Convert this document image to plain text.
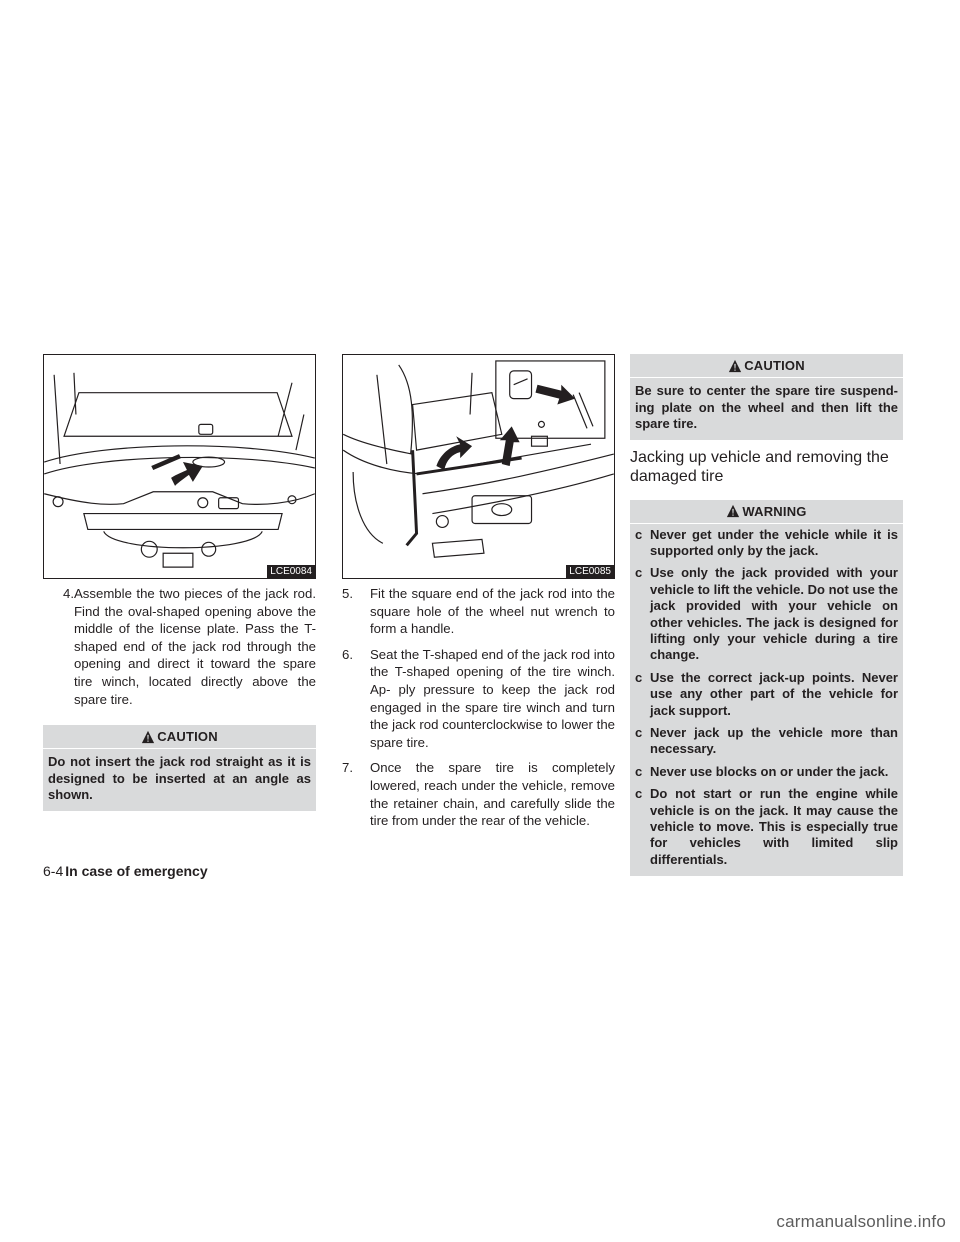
LCE0084

4. Assemble the two pieces of the jack rod. Find the oval-shaped opening above the middle of the license plate. Pass the T-shaped end of the jack rod through the opening and direct it toward the spare tire winch, located directly above the spare tire.

CAUTION
Do not insert the jack rod straight as it is designed to be inserted at an angle as shown.
LCE0085

5. Fit the square end of the jack rod into the square hole of the wheel nut wrench to form a handle.

6. Seat the T-shaped end of the jack rod into the T-shaped opening of the tire winch. Ap- ply pressure to keep the jack rod engaged in the spare tire winch and turn the jack rod counterclockwise to lower the spare tire.

7. Once the spare tire is completely lowered, reach under the vehicle, remove the retainer chain, and carefully slide the tire from under the rear of the vehicle.

CAUTION
Be sure to center the spare tire suspend- ing plate on the wheel and then lift the spare tire.
Jacking up vehicle and removing the damaged tire
WARNING
c Never get under the vehicle while it is supported only by the jack.
c Use only the jack provided with your vehicle to lift the vehicle. Do not use the jack provided with your vehicle on other vehicles. The jack is designed for lifting only your vehicle during a tire change.
c Use the correct jack-up points. Never use any other part of the vehicle for jack support.
c Never jack up the vehicle more than necessary.
c Never use blocks on or under the jack.
c Do not start or run the engine while vehicle is on the jack. It may cause the vehicle to move. This is especially true for vehicles with limited slip differentials.
6-4 In case of emergency
carmanualsonline.info
